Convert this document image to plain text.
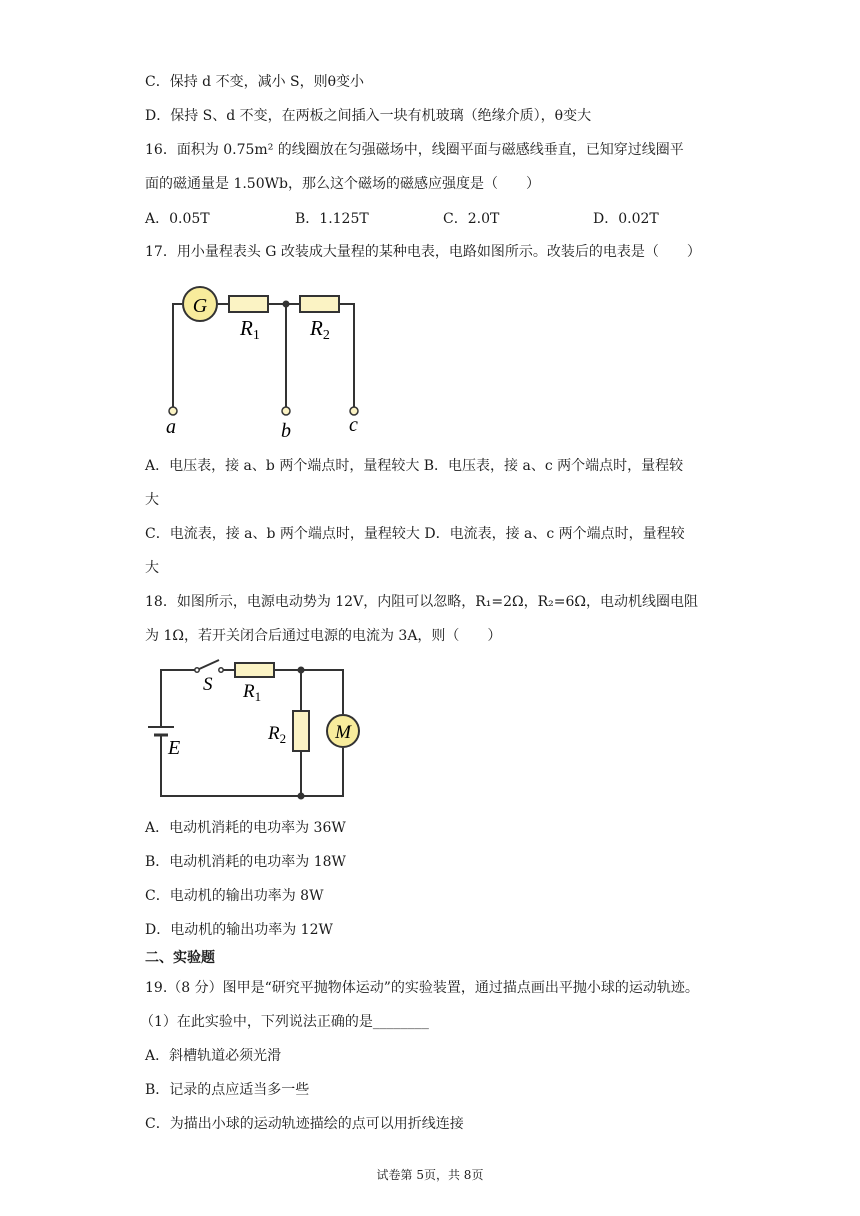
C．保持 d 不变，减小 S，则θ变小
D．保持 S、d 不变，在两板之间插入一块有机玻璃（绝缘介质），θ变大
16．面积为 0.75m² 的线圈放在匀强磁场中，线圈平面与磁感线垂直，已知穿过线圈平
面的磁通量是 1.50Wb，那么这个磁场的磁感应强度是（　　）
A．0.05T	B．1.125T	C．2.0T	D．0.02T
17．用小量程表头 G 改装成大量程的某种电表，电路如图所示。改装后的电表是（　　）
G
R1 R2
a	b	c
A．电压表，接 a、b 两个端点时，量程较大 B．电压表，接 a、c 两个端点时，量程较
大
C．电流表，接 a、b 两个端点时，量程较大 D．电流表，接 a、c 两个端点时，量程较
大
18．如图所示，电源电动势为 12V，内阻可以忽略，R₁=2Ω，R₂=6Ω，电动机线圈电阻
为 1Ω，若开关闭合后通过电源的电流为 3A，则（　　）
M
S $R_1$
$R_2$
E
A．电动机消耗的电功率为 36W
B．电动机消耗的电功率为 18W
C．电动机的输出功率为 8W
D．电动机的输出功率为 12W
二、实验题
19.（8 分）图甲是“研究平抛物体运动”的实验装置，通过描点画出平抛小球的运动轨迹。
（1）在此实验中，下列说法正确的是________
A．斜槽轨道必须光滑
B．记录的点应适当多一些
C．为描出小球的运动轨迹描绘的点可以用折线连接
试卷第 5页，共 8页
